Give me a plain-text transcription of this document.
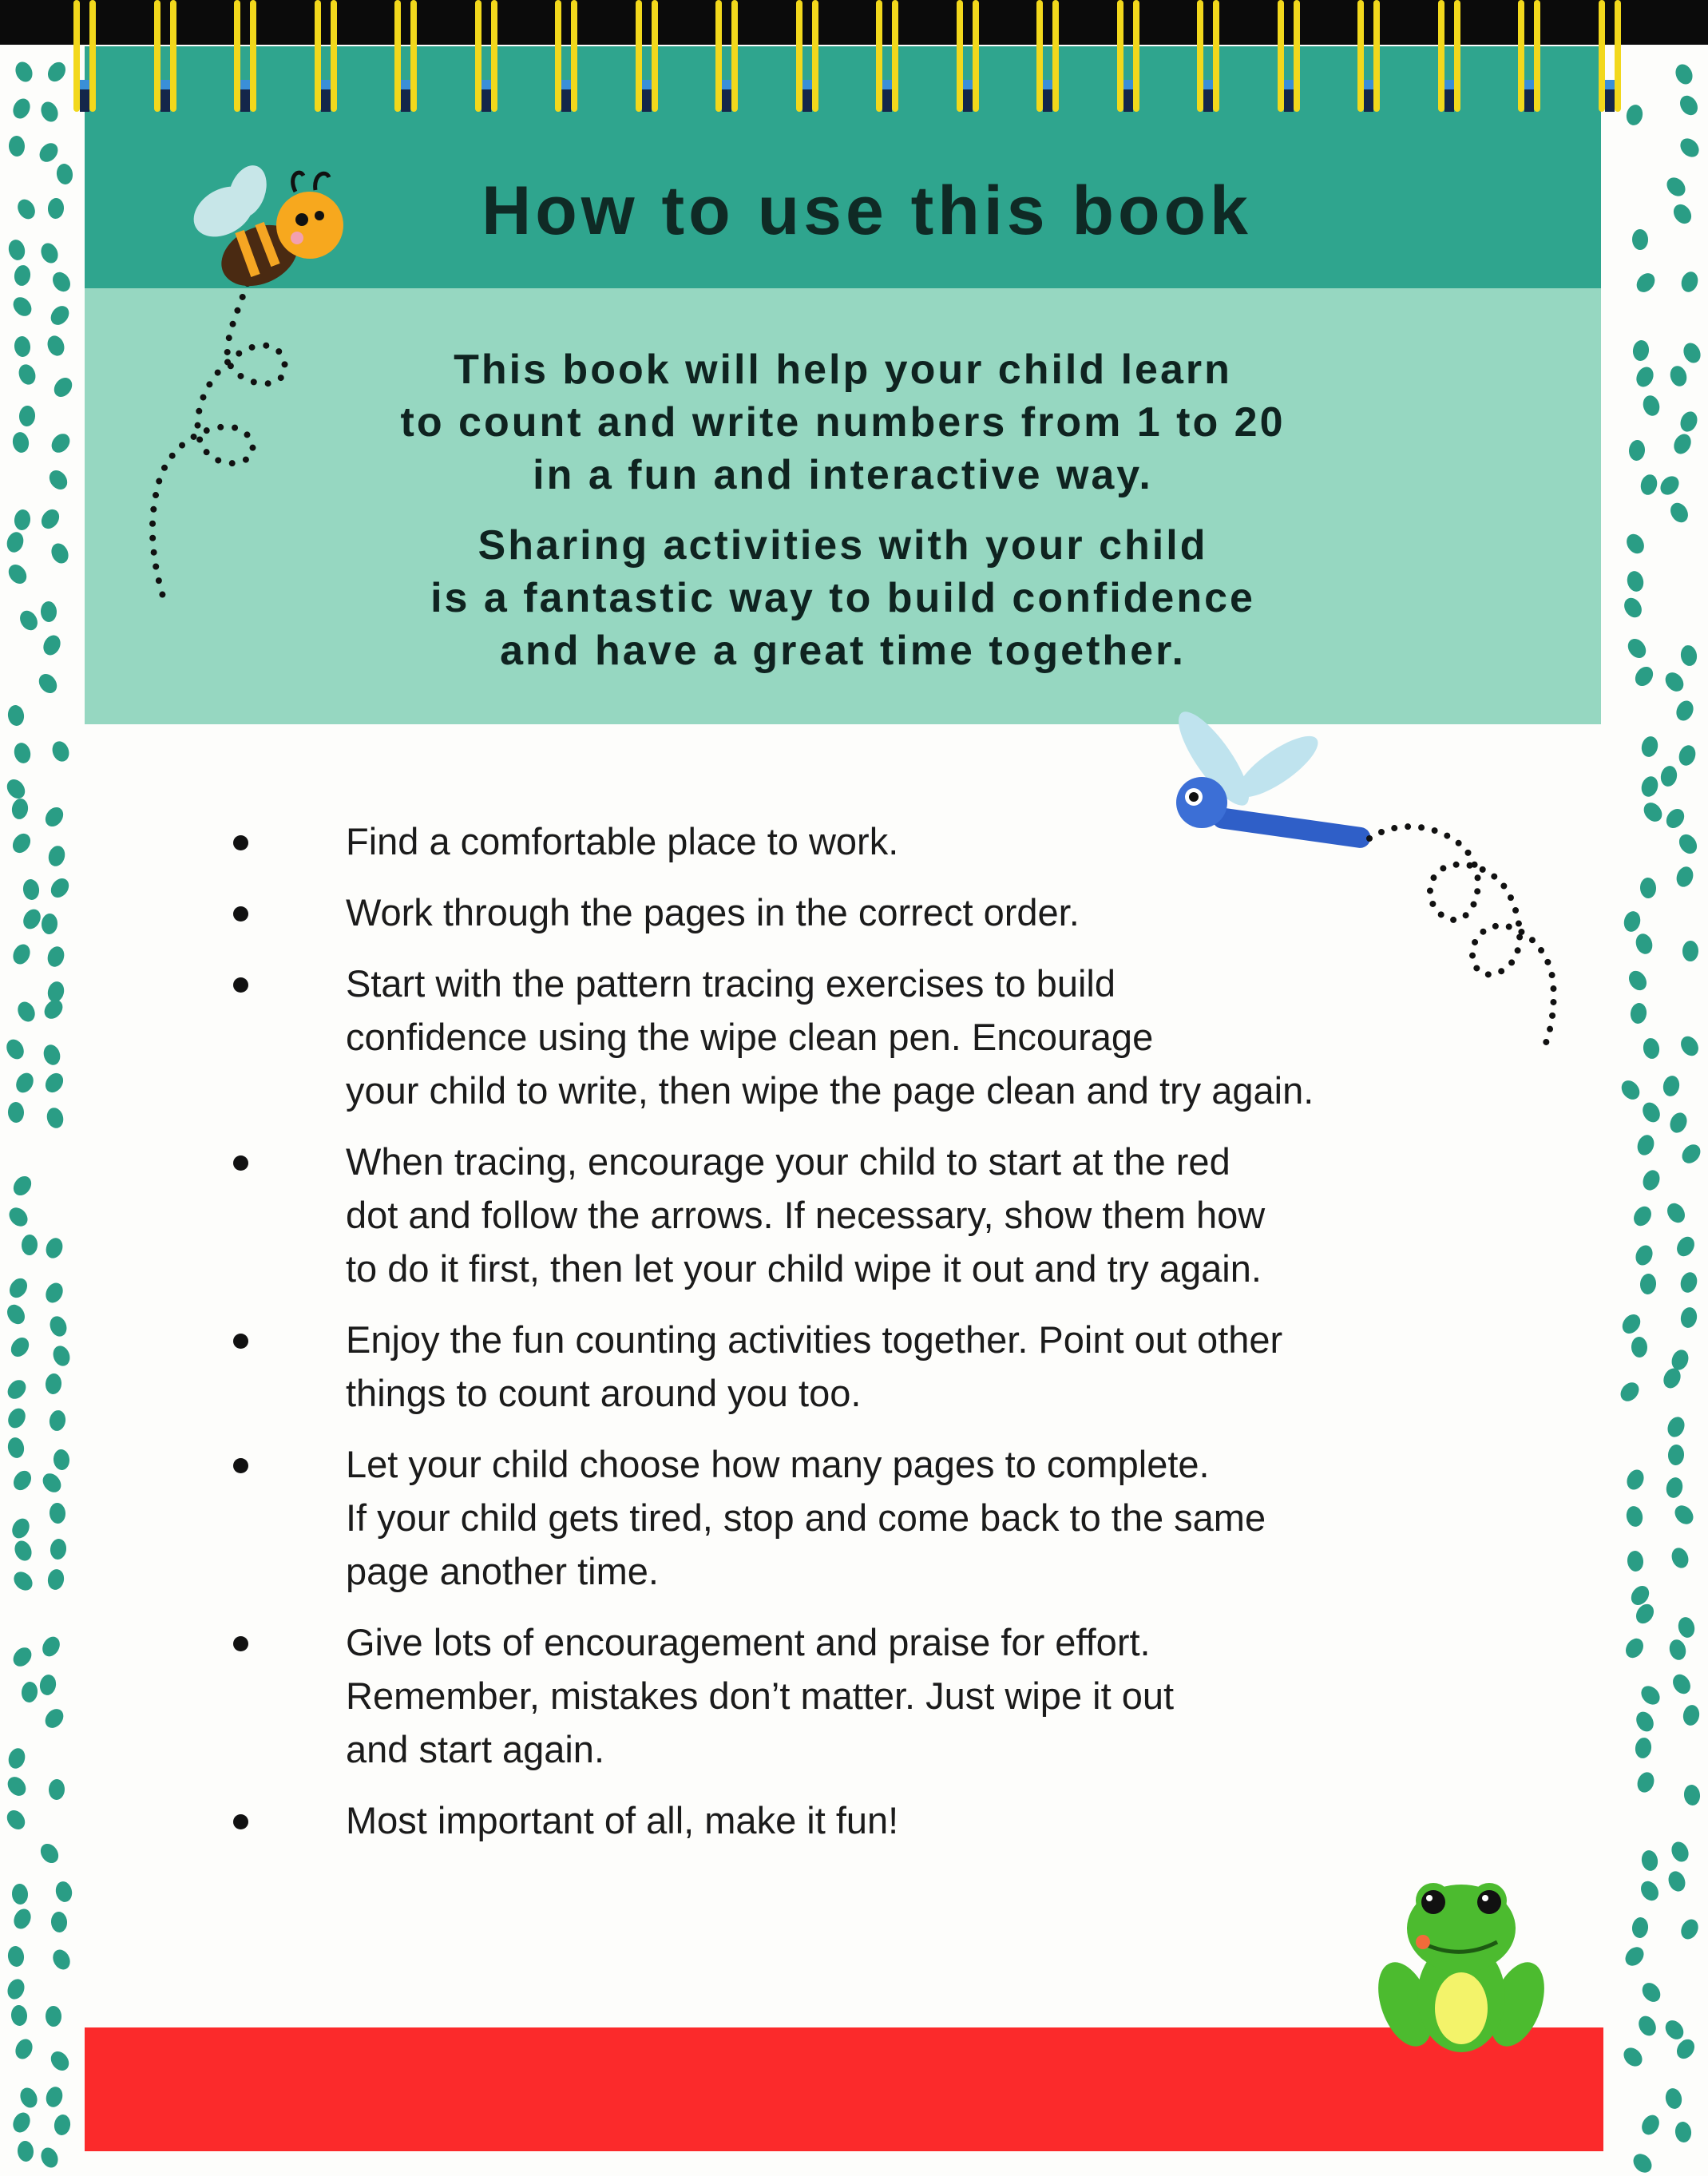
How to use this book
This book will help your child learn
to count and write numbers from 1 to 20
in a fun and interactive way.
Sharing activities with your child
is a fantastic way to build confidence
and have a great time together.
Find a comfortable place to work.
Work through the pages in the correct order.
Start with the pattern tracing exercises to build
confidence using the wipe clean pen. Encourage
your child to write, then wipe the page clean and try again.
When tracing, encourage your child to start at the red
dot and follow the arrows. If necessary, show them how
to do it first, then let your child wipe it out and try again.
Enjoy the fun counting activities together. Point out other
things to count around you too.
Let your child choose how many pages to complete.
If your child gets tired, stop and come back to the same
page another time.
Give lots of encouragement and praise for effort.
Remember, mistakes don’t matter. Just wipe it out
and start again.
Most important of all, make it fun!
